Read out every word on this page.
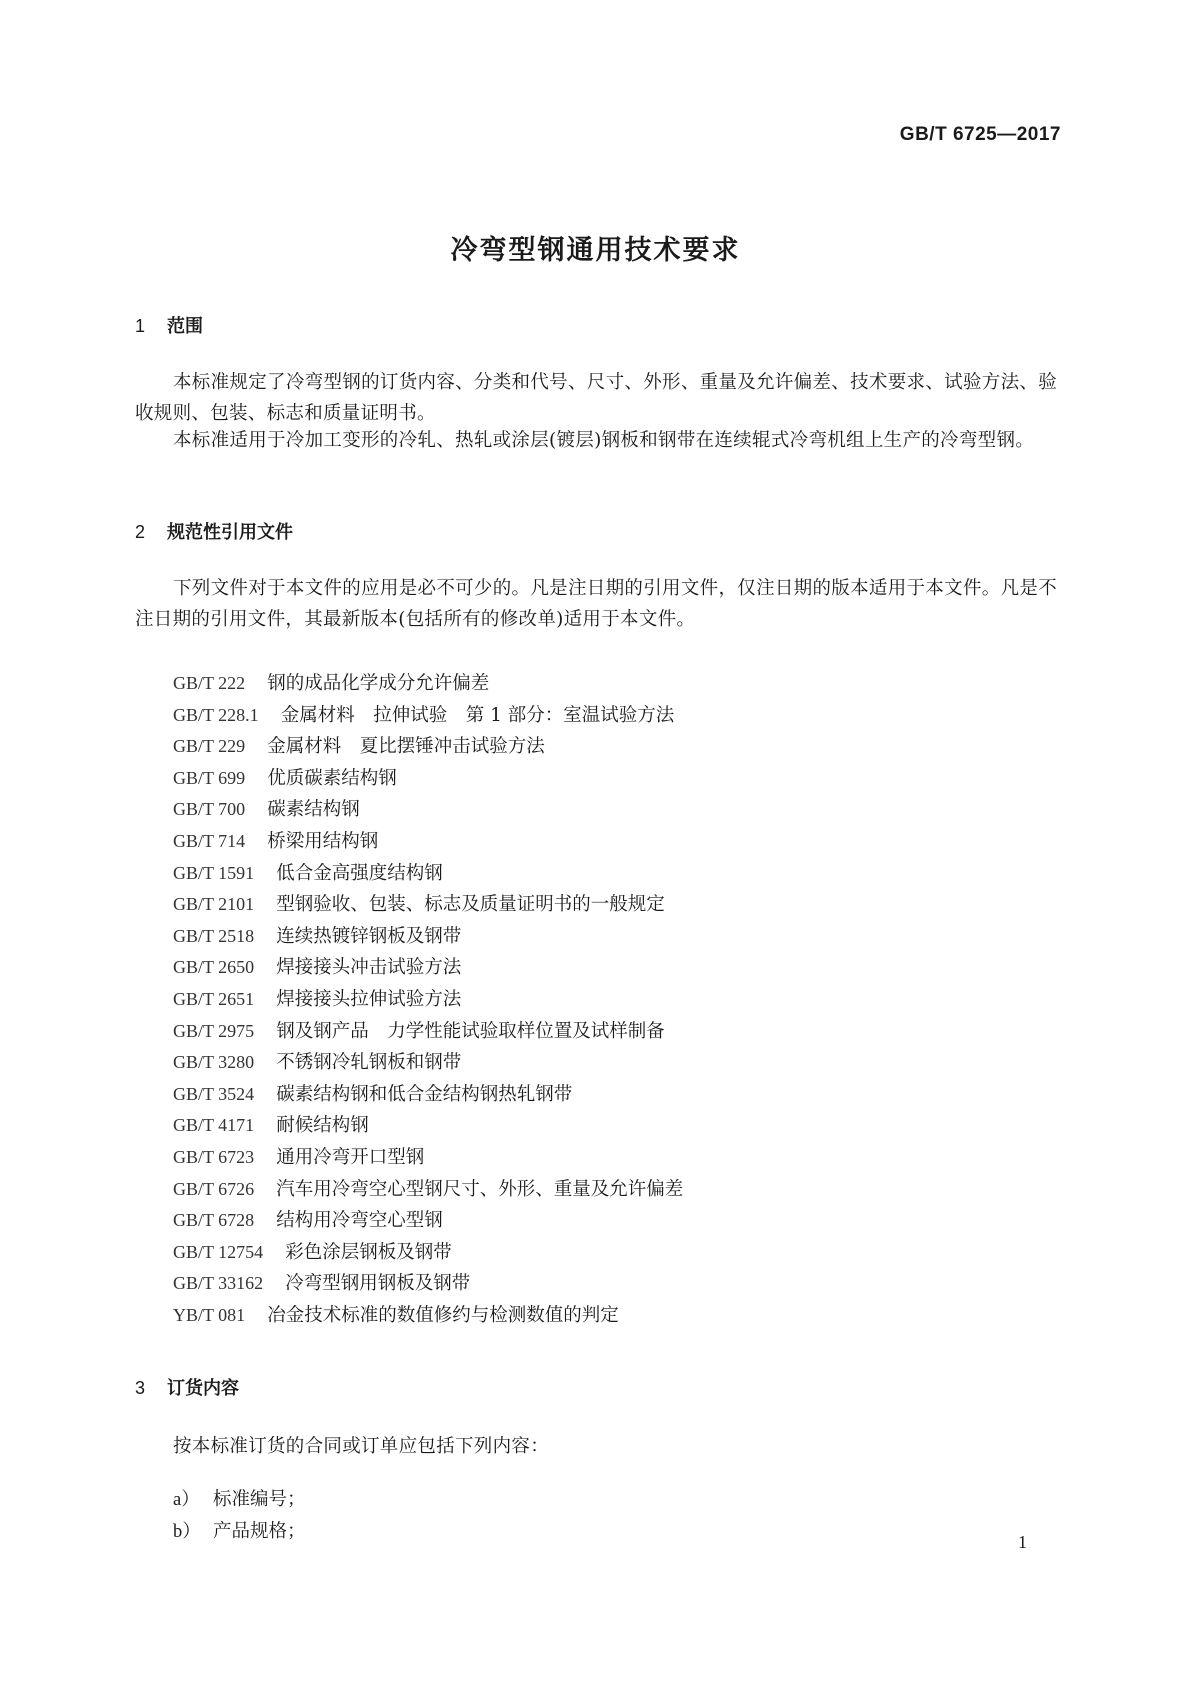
GB/T 6725—2017
冷弯型钢通用技术要求
1 范围
本标准规定了冷弯型钢的订货内容、分类和代号、尺寸、外形、重量及允许偏差、技术要求、试验方法、验收规则、包装、标志和质量证明书。
本标准适用于冷加工变形的冷轧、热轧或涂层(镀层)钢板和钢带在连续辊式冷弯机组上生产的冷弯型钢。
2 规范性引用文件
下列文件对于本文件的应用是必不可少的。凡是注日期的引用文件，仅注日期的版本适用于本文件。凡是不注日期的引用文件，其最新版本(包括所有的修改单)适用于本文件。
GB/T 222 钢的成品化学成分允许偏差
GB/T 228.1 金属材料　拉伸试验　第 1 部分：室温试验方法
GB/T 229 金属材料　夏比摆锤冲击试验方法
GB/T 699 优质碳素结构钢
GB/T 700 碳素结构钢
GB/T 714 桥梁用结构钢
GB/T 1591 低合金高强度结构钢
GB/T 2101 型钢验收、包装、标志及质量证明书的一般规定
GB/T 2518 连续热镀锌钢板及钢带
GB/T 2650 焊接接头冲击试验方法
GB/T 2651 焊接接头拉伸试验方法
GB/T 2975 钢及钢产品　力学性能试验取样位置及试样制备
GB/T 3280 不锈钢冷轧钢板和钢带
GB/T 3524 碳素结构钢和低合金结构钢热轧钢带
GB/T 4171 耐候结构钢
GB/T 6723 通用冷弯开口型钢
GB/T 6726 汽车用冷弯空心型钢尺寸、外形、重量及允许偏差
GB/T 6728 结构用冷弯空心型钢
GB/T 12754 彩色涂层钢板及钢带
GB/T 33162 冷弯型钢用钢板及钢带
YB/T 081 冶金技术标准的数值修约与检测数值的判定
3 订货内容
按本标准订货的合同或订单应包括下列内容：
a） 标准编号；
b） 产品规格；	1
